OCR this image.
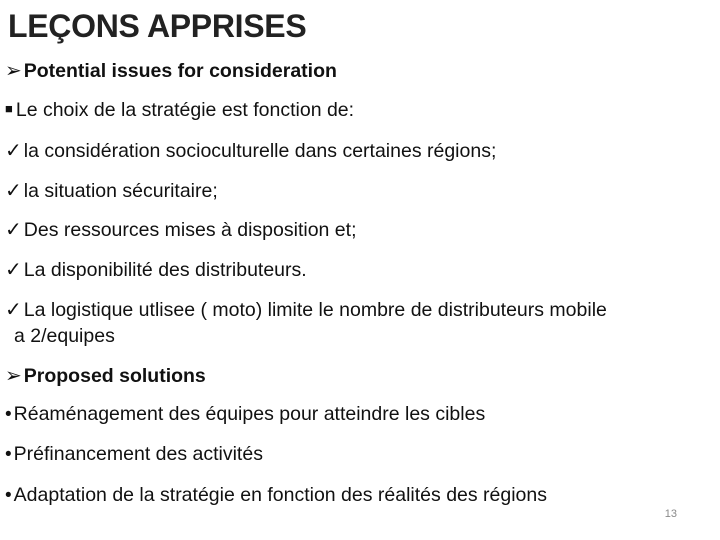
LEÇONS APPRISES
➢ Potential issues for consideration
■ Le choix de la stratégie est fonction de:
✓ la considération socioculturelle dans certaines régions;
✓ la situation sécuritaire;
✓ Des ressources mises à disposition et;
✓ La disponibilité des distributeurs.
✓ La logistique utlisee ( moto) limite le nombre de distributeurs mobile
a 2/equipes
➢ Proposed solutions
• Réaménagement des équipes pour atteindre les cibles
• Préfinancement des activités
• Adaptation de la stratégie en fonction des réalités des régions
13
